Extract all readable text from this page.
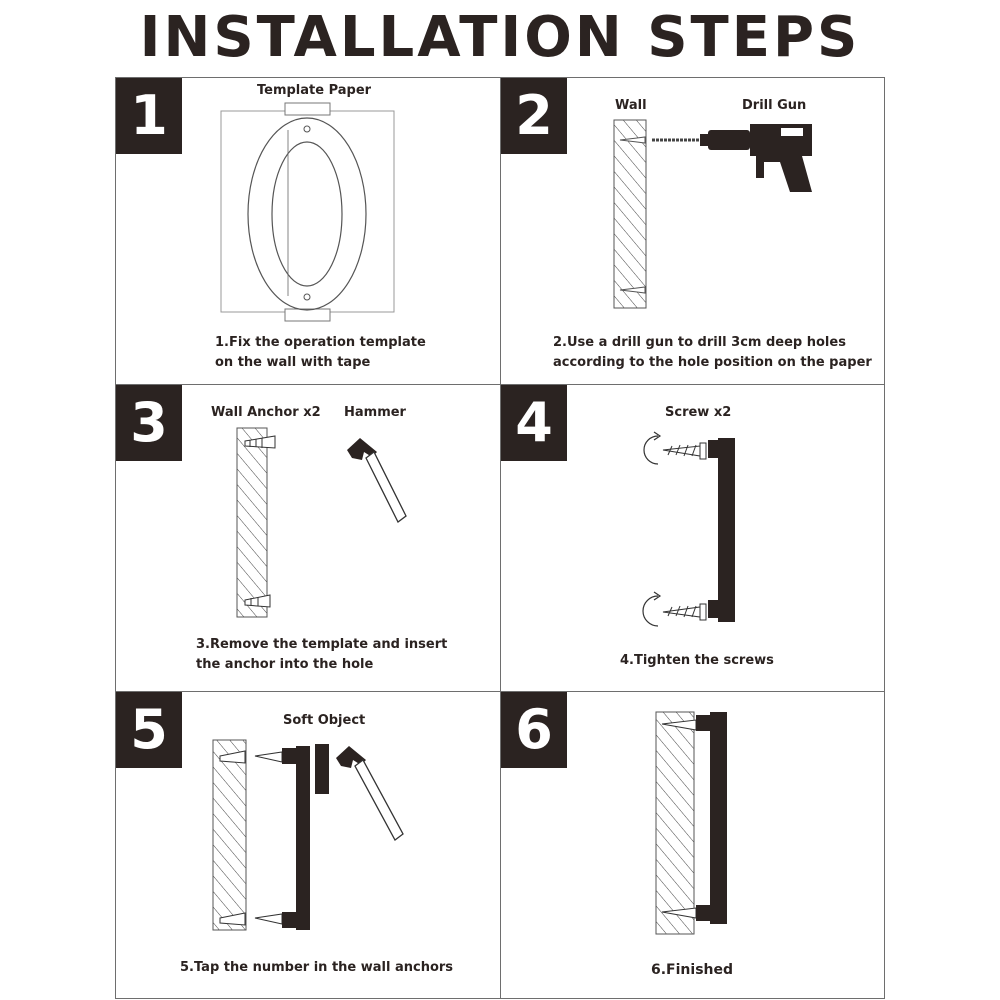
INSTALLATION STEPS
1	2
3	4
5	6
Template Paper
Wall	Drill Gun
Wall Anchor x2 Hammer	Screw x2
Soft Object
1.Fix the operation template
on the wall with tape
2.Use a drill gun to drill 3cm deep holes
according to the hole position on the paper
3.Remove the template and insert
the anchor into the hole	4.Tighten the screws
5.Tap the number in the wall anchors	6.Finished
